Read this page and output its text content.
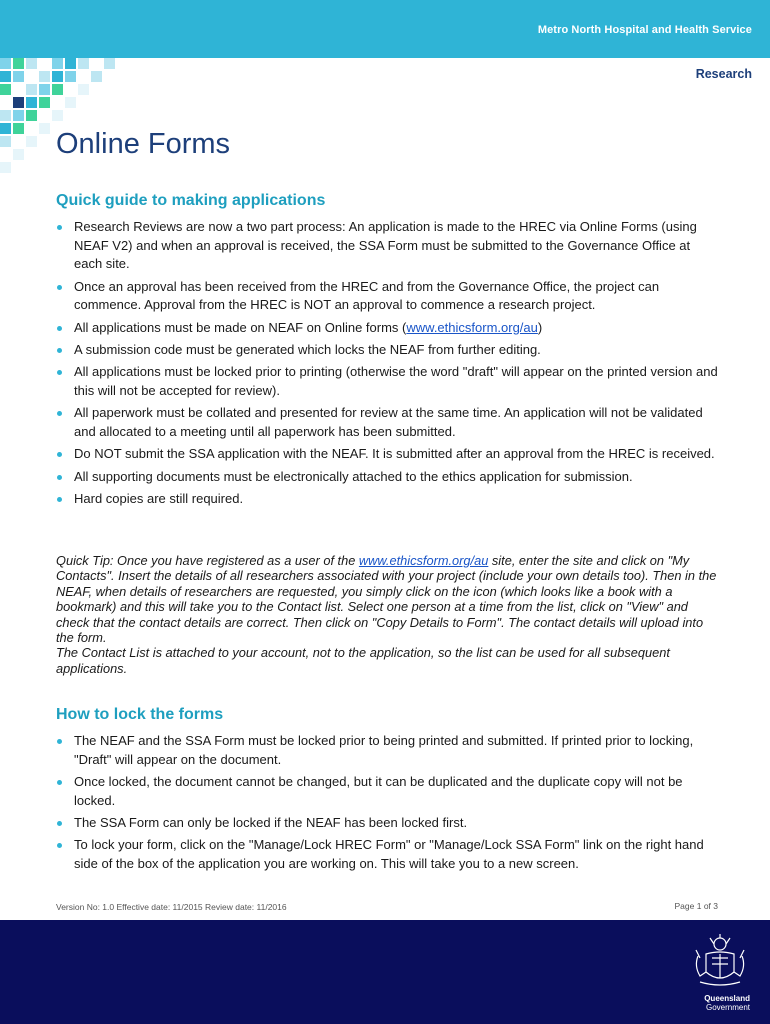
Metro North Hospital and Health Service
Research
Online Forms
Quick guide to making applications
Research Reviews are now a two part process: An application is made to the HREC via Online Forms (using NEAF V2) and when an approval is received, the SSA Form must be submitted to the Governance Office at each site.
Once an approval has been received from the HREC and from the Governance Office, the project can commence. Approval from the HREC is NOT an approval to commence a research project.
All applications must be made on NEAF on Online forms (www.ethicsform.org/au)
A submission code must be generated which locks the NEAF from further editing.
All applications must be locked prior to printing (otherwise the word "draft" will appear on the printed version and this will not be accepted for review).
All paperwork must be collated and presented for review at the same time. An application will not be validated and allocated to a meeting until all paperwork has been submitted.
Do NOT submit the SSA application with the NEAF. It is submitted after an approval from the HREC is received.
All supporting documents must be electronically attached to the ethics application for submission.
Hard copies are still required.
Quick Tip: Once you have registered as a user of the www.ethicsform.org/au site, enter the site and click on "My Contacts". Insert the details of all researchers associated with your project (include your own details too). Then in the NEAF, when details of researchers are requested, you simply click on the icon (which looks like a book with a bookmark) and this will take you to the Contact list. Select one person at a time from the list, click on "View" and check that the contact details are correct. Then click on "Copy Details to Form". The contact details will upload into the form.
The Contact List is attached to your account, not to the application, so the list can be used for all subsequent applications.
How to lock the forms
The NEAF and the SSA Form must be locked prior to being printed and submitted. If printed prior to locking, "Draft" will appear on the document.
Once locked, the document cannot be changed, but it can be duplicated and the duplicate copy will not be locked.
The SSA Form can only be locked if the NEAF has been locked first.
To lock your form, click on the "Manage/Lock HREC Form" or "Manage/Lock SSA Form" link on the right hand side of the box of the application you are working on. This will take you to a new screen.
Version No: 1.0 Effective date: 11/2015 Review date: 11/2016	Page 1 of 3
Queensland
Government
